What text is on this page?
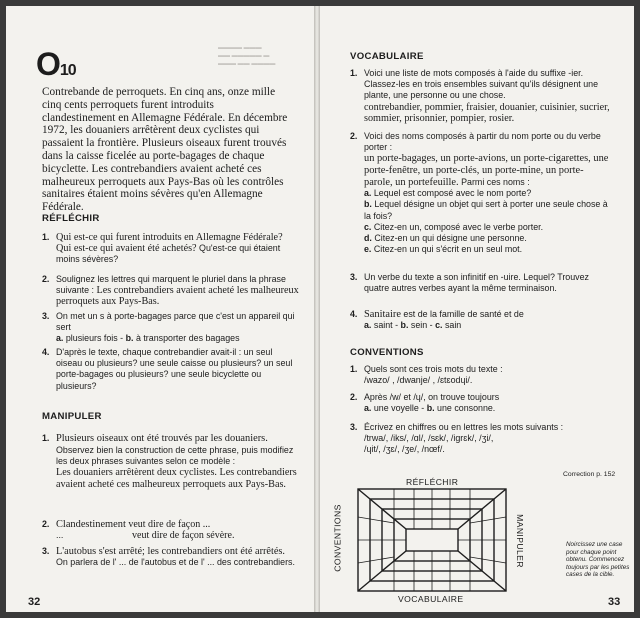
▬▬▬▬ ▬▬▬
▬▬ ▬▬▬▬▬ ▬
▬▬▬ ▬▬ ▬▬▬▬
O10
Contrebande de perroquets. En cinq ans, onze mille cinq cents perroquets furent introduits clandestinement en Allemagne Fédérale. En décembre 1972, les douaniers arrêtèrent deux cyclistes qui passaient la frontière. Plusieurs oiseaux furent trouvés dans la caisse ficelée au porte-bagages de chaque bicyclette. Les contrebandiers avaient acheté ces malheureux perroquets aux Pays-Bas où les contrôles sanitaires étaient moins sévères qu'en Allemagne Fédérale.
RÉFLÉCHIR
1. Qui est-ce qui furent introduits en Allemagne Fédérale? Qui est-ce qui avaient été achetés? Qu'est-ce qui étaient moins sévères?
2. Soulignez les lettres qui marquent le pluriel dans la phrase suivante : Les contrebandiers avaient acheté les malheureux perroquets aux Pays-Bas.
3. On met un s à porte-bagages parce que c'est un appareil qui sert
a. plusieurs fois - b. à transporter des bagages
4. D'après le texte, chaque contrebandier avait-il : un seul oiseau ou plusieurs? une seule caisse ou plusieurs? un seul porte-bagages ou plusieurs? une seule bicyclette ou plusieurs?
MANIPULER
1. Plusieurs oiseaux ont été trouvés par les douaniers.
Observez bien la construction de cette phrase, puis modifiez les deux phrases suivantes selon ce modèle :
Les douaniers arrêtèrent deux cyclistes. Les contrebandiers avaient acheté ces malheureux perroquets aux Pays-Bas.
2. Clandestinement veut dire de façon ...
...	veut dire de façon sévère.
3. L'autobus s'est arrêté; les contrebandiers ont été arrêtés.
On parlera de l' ... de l'autobus et de l' ... des contrebandiers.
32
VOCABULAIRE
1. Voici une liste de mots composés à l'aide du suffixe -ier. Classez-les en trois ensembles suivant qu'ils désignent une plante, une personne ou une chose.
contrebandier, pommier, fraisier, douanier, cuisinier, sucrier, sommier, prisonnier, pompier, rosier.
2. Voici des noms composés à partir du nom porte ou du verbe porter :
un porte-bagages, un porte-avions, un porte-cigarettes, une porte-fenêtre, un porte-clés, un porte-mine, un porte-parole, un portefeuille. Parmi ces noms :
a. Lequel est composé avec le nom porte?
b. Lequel désigne un objet qui sert à porter une seule chose à la fois?
c. Citez-en un, composé avec le verbe porter.
d. Citez-en un qui désigne une personne.
e. Citez-en un qui s'écrit en un seul mot.
3. Un verbe du texte a son infinitif en -uire. Lequel? Trouvez quatre autres verbes ayant la même terminaison.
4. Sanitaire est de la famille de santé et de
a. saint - b. sein - c. sain
CONVENTIONS
1. Quels sont ces trois mots du texte :
/wazo/ , /dwanje/ , /ɛtɛodɥi/.
2. Après /w/ et /ɥ/, on trouve toujours
a. une voyelle - b. une consonne.
3. Écrivez en chiffres ou en lettres les mots suivants :
/trwa/, /iks/, /ɑl/, /sɛk/, /igrɛk/, /ʒi/,
/ɥit/, /ʒɛ/, /ʒe/, /nœf/.
Correction p. 152
RÉFLÉCHIR
VOCABULAIRE
CONVENTIONS	MANIPULER	Noircissez une case pour chaque point obtenu. Commencez toujours par les petites cases de la cible.
33
